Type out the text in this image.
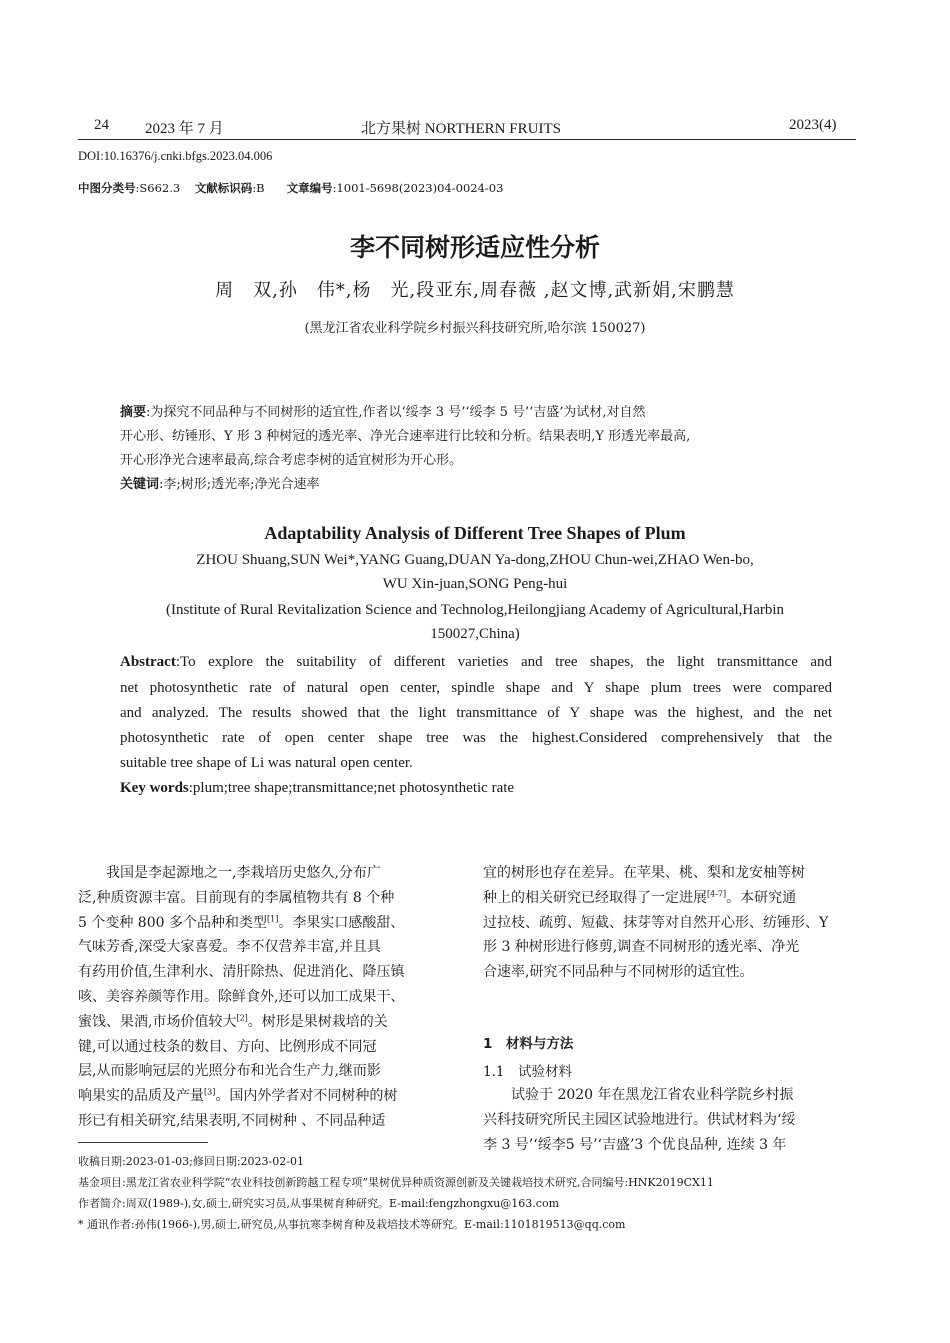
24 2023 年 7 月	北方果树 NORTHERN FRUITS	2023(4)
DOI:10.16376/j.cnki.bfgs.2023.04.006
中图分类号:S662.3 文献标识码:B 文章编号:1001-5698(2023)04-0024-03
李不同树形适应性分析
周　双,孙　伟*,杨　光,段亚东,周春薇 ,赵文博,武新娟,宋鹏慧
(黑龙江省农业科学院乡村振兴科技研究所,哈尔滨 150027)
摘要:为探究不同品种与不同树形的适宜性,作者以‘绥李 3 号’‘绥李 5 号’‘吉盛’为试材,对自然
开心形、纺锤形、Y 形 3 种树冠的透光率、净光合速率进行比较和分析。结果表明,Y 形透光率最高,
开心形净光合速率最高,综合考虑李树的适宜树形为开心形。
关键词:李;树形;透光率;净光合速率
Adaptability Analysis of Different Tree Shapes of Plum
ZHOU Shuang,SUN Wei*,YANG Guang,DUAN Ya-dong,ZHOU Chun-wei,ZHAO Wen-bo,
WU Xin-juan,SONG Peng-hui
(Institute of Rural Revitalization Science and Technolog,Heilongjiang Academy of Agricultural,Harbin
150027,China)
Abstract:To explore the suitability of different varieties and tree shapes, the light transmittance and
net photosynthetic rate of natural open center, spindle shape and Y shape plum trees were compared
and analyzed. The results showed that the light transmittance of Y shape was the highest, and the net
photosynthetic rate of open center shape tree was the highest.Considered comprehensively that the
suitable tree shape of Li was natural open center.
Key words:plum;tree shape;transmittance;net photosynthetic rate
　　我国是李起源地之一,李栽培历史悠久,分布广
泛,种质资源丰富。目前现有的李属植物共有 8 个种
5 个变种 800 多个品种和类型[1]。李果实口感酸甜、
气味芳香,深受大家喜爱。李不仅营养丰富,并且具
有药用价值,生津利水、清肝除热、促进消化、降压镇
咳、美容养颜等作用。除鲜食外,还可以加工成果干、
蜜饯、果酒,市场价值较大[2]。树形是果树栽培的关
键,可以通过枝条的数目、方向、比例形成不同冠
层,从而影响冠层的光照分布和光合生产力,继而影
响果实的品质及产量[3]。国内外学者对不同树种的树
形已有相关研究,结果表明,不同树种 、不同品种适
宜的树形也存在差异。在苹果、桃、梨和龙安柚等树
种上的相关研究已经取得了一定进展[4-7]。本研究通
过拉枝、疏剪、短截、抹芽等对自然开心形、纺锤形、Y
形 3 种树形进行修剪,调查不同树形的透光率、净光
合速率,研究不同品种与不同树形的适宜性。
　　试验于 2020 年在黑龙江省农业科学院乡村振
兴科技研究所民主园区试验地进行。供试材料为‘绥
李 3 号’‘绥李5 号’‘吉盛’3 个优良品种, 连续 3 年
1　材料与方法
1.1　试验材料
收稿日期:2023-01-03;修回日期:2023-02-01
基金项目:黑龙江省农业科学院“农业科技创新跨越工程专项”果树优异种质资源创新及关键栽培技术研究,合同编号:HNK2019CX11
作者简介:周双(1989-),女,硕士,研究实习员,从事果树育种研究。E-mail:fengzhongxu@163.com
* 通讯作者:孙伟(1966-),男,硕士,研究员,从事抗寒李树育种及栽培技术等研究。E-mail:1101819513@qq.com
